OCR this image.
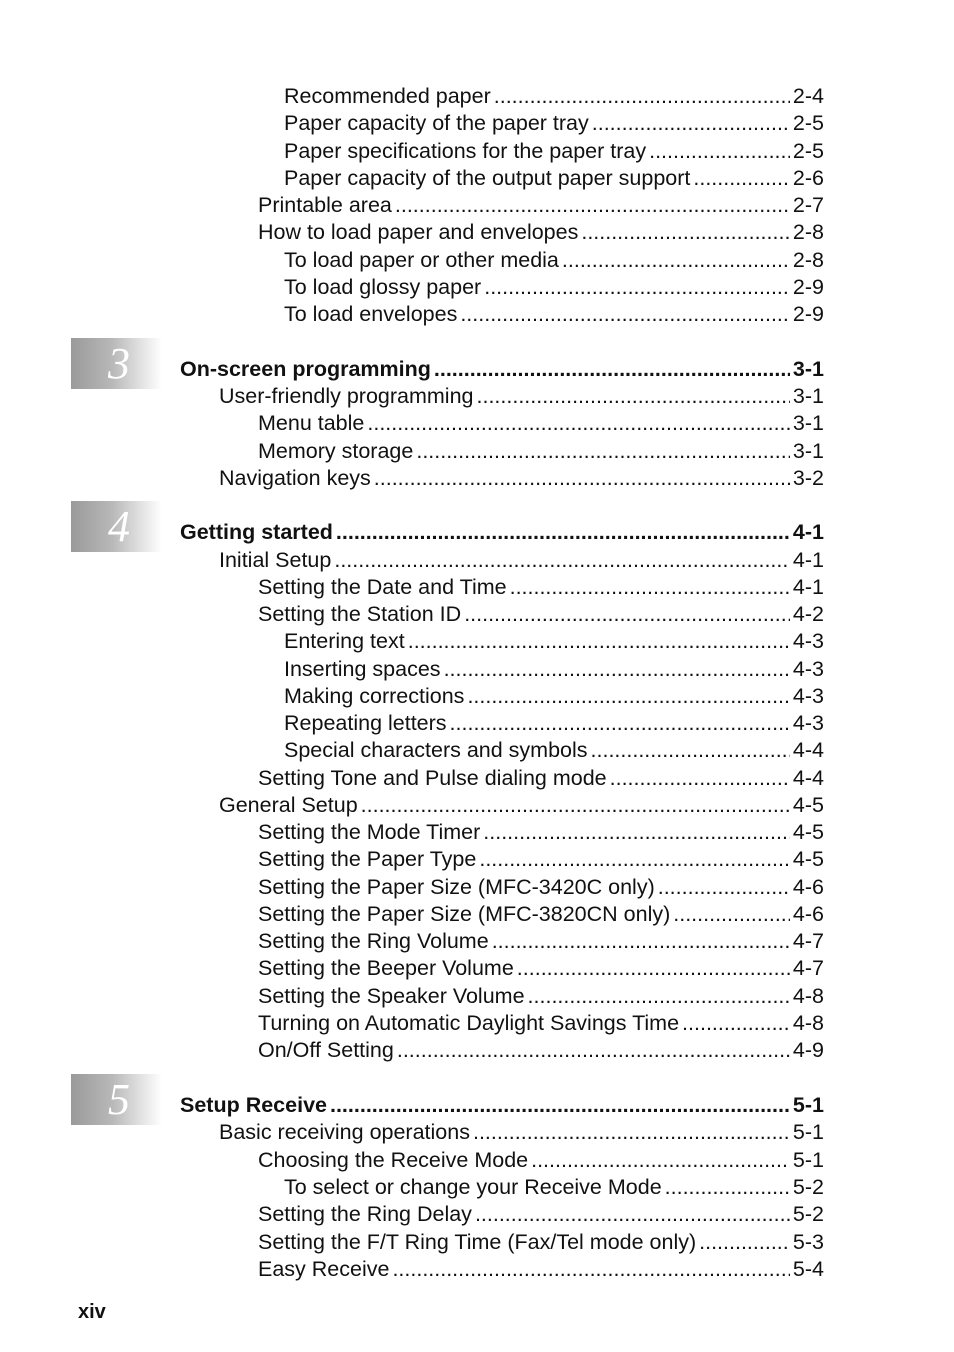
Recommended paper .....	2-4
Paper capacity of the paper tray .....	2-5
Paper specifications for the paper tray .....	2-5
Paper capacity of the output paper support .....	2-6
Printable area .....	2-7
How to load paper and envelopes .....	2-8
To load paper or other media .....	2-8
To load glossy paper .....	2-9
To load envelopes .....	2-9
3	On-screen programming .....	3-1
User-friendly programming .....	3-1
Menu table .....	3-1
Memory storage .....	3-1
Navigation keys .....	3-2
4	Getting started .....	4-1
Initial Setup .....	4-1
Setting the Date and Time .....	4-1
Setting the Station ID .....	4-2
Entering text .....	4-3
Inserting spaces .....	4-3
Making corrections .....	4-3
Repeating letters .....	4-3
Special characters and symbols .....	4-4
Setting Tone and Pulse dialing mode .....	4-4
General Setup .....	4-5
Setting the Mode Timer .....	4-5
Setting the Paper Type .....	4-5
Setting the Paper Size (MFC-3420C only) .....	4-6
Setting the Paper Size (MFC-3820CN only) .....	4-6
Setting the Ring Volume .....	4-7
Setting the Beeper Volume .....	4-7
Setting the Speaker Volume .....	4-8
Turning on Automatic Daylight Savings Time .....	4-8
On/Off Setting .....	4-9
5	Setup Receive .....	5-1
Basic receiving operations .....	5-1
Choosing the Receive Mode .....	5-1
To select or change your Receive Mode .....	5-2
Setting the Ring Delay .....	5-2
Setting the F/T Ring Time (Fax/Tel mode only) .....	5-3
Easy Receive .....	5-4
xiv
